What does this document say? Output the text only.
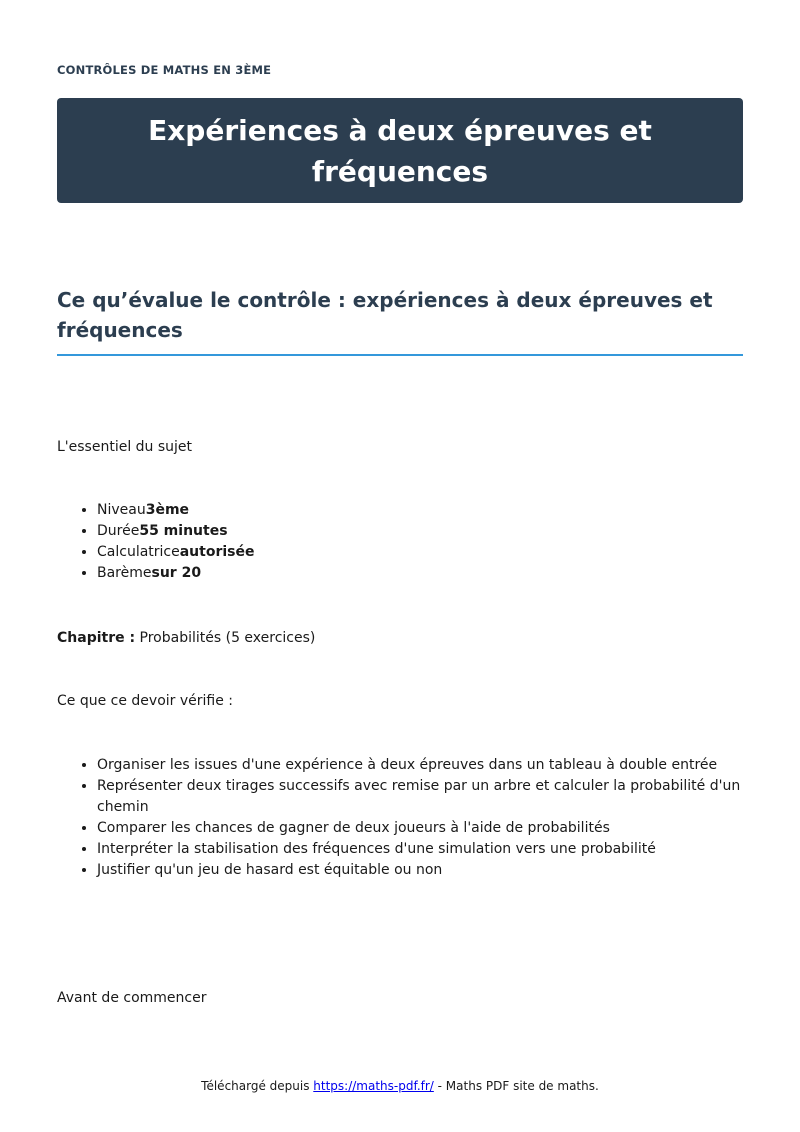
CONTRÔLES DE MATHS EN 3ÈME
Expériences à deux épreuves et fréquences
Ce qu’évalue le contrôle : expériences à deux épreuves et fréquences

L'essentiel du sujet

• Niveau3ème
• Durée55 minutes
• Calculatriceautorisée
• Barèmesur 20

Chapitre : Probabilités (5 exercices)

Ce que ce devoir vérifie :

• Organiser les issues d'une expérience à deux épreuves dans un tableau à double entrée
• Représenter deux tirages successifs avec remise par un arbre et calculer la probabilité d'un chemin
• Comparer les chances de gagner de deux joueurs à l'aide de probabilités
• Interpréter la stabilisation des fréquences d'une simulation vers une probabilité
• Justifier qu'un jeu de hasard est équitable ou non

Avant de commencer

Téléchargé depuis https://maths-pdf.fr/ - Maths PDF site de maths.
